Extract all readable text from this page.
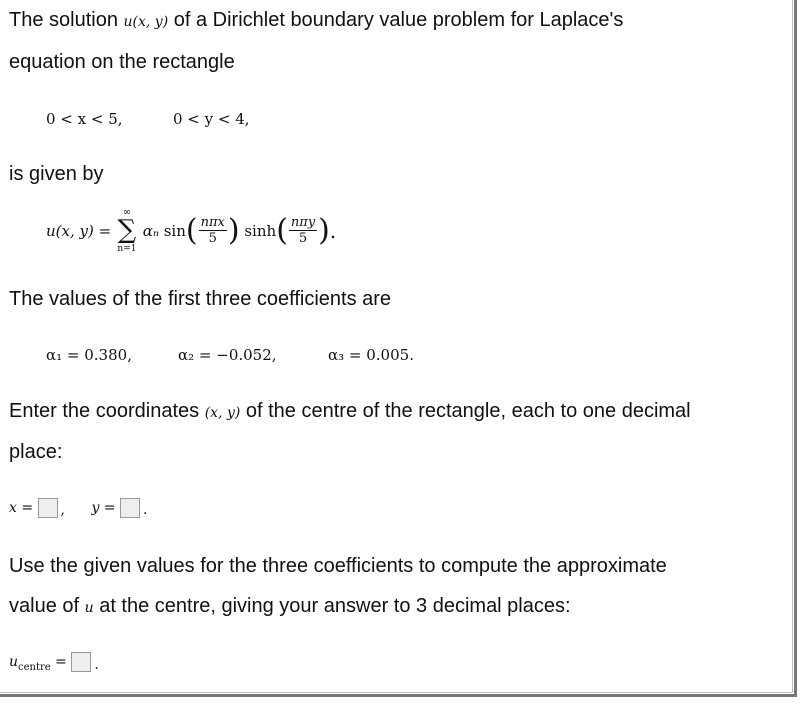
The solution u(x, y) of a Dirichlet boundary value problem for Laplace's

equation on the rectangle

0 < x < 5,	0 < y < 4,

is given by

u(x, y) =
∞
∑
n=1
αₙ $\sin( \frac{\text{nπx}}{5}$ ) $\sinh( \frac{\text{nπy}}{5}$ ).

The values of the first three coefficients are

α₁ = 0.380,	α₂ = −0.052,	α₃ = 0.005.

Enter the coordinates (x, y) of the centre of the rectangle, each to one decimal

place:

x = , y = .

Use the given values for the three coefficients to compute the approximate

value of u at the centre, giving your answer to 3 decimal places:

$u_{centre}$ = .
